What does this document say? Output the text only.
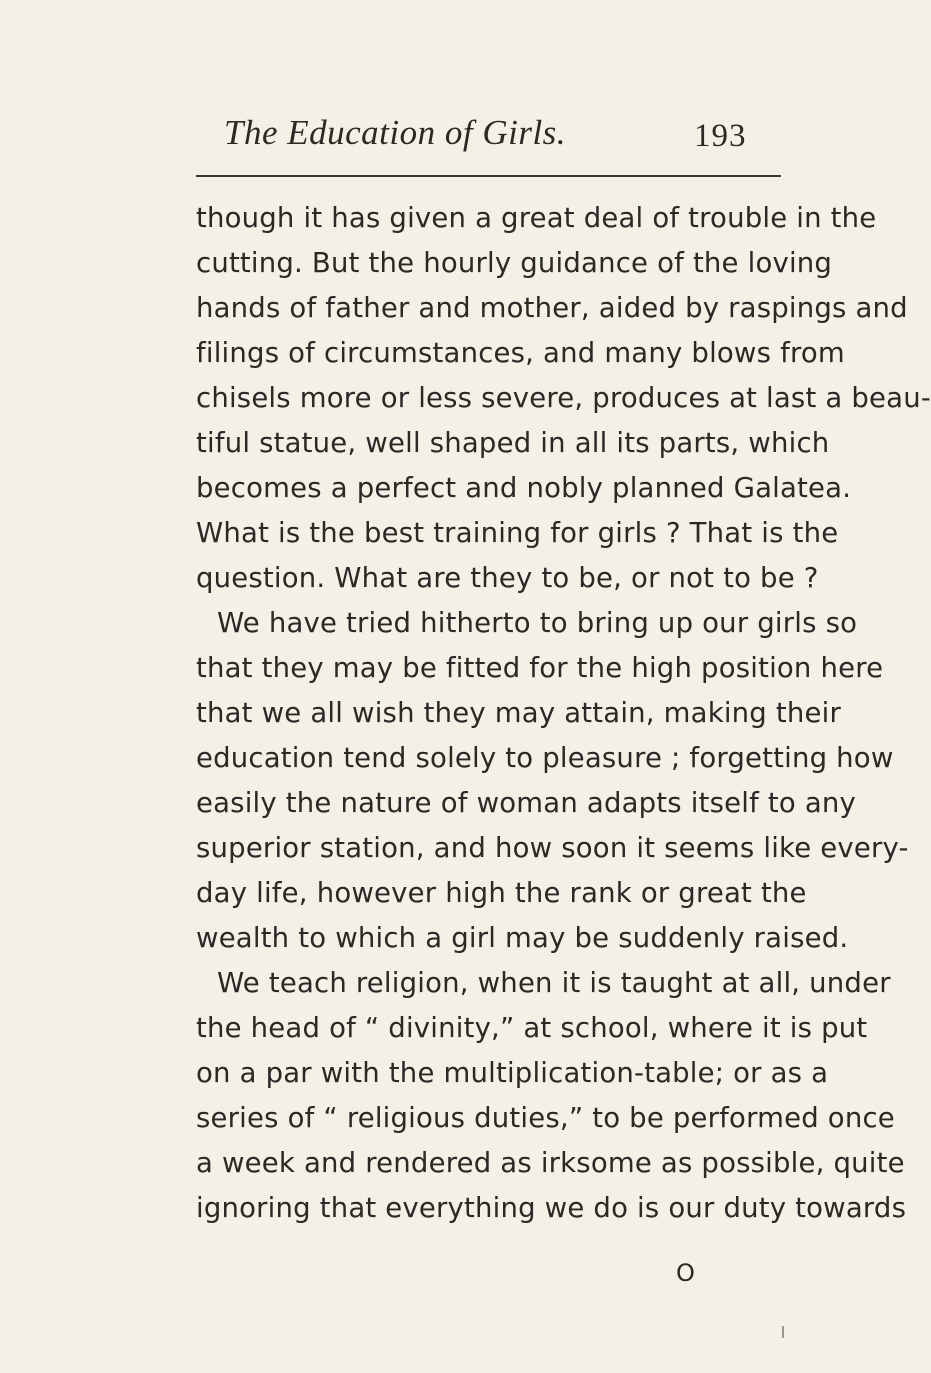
The Education of Girls.	193
though it has given a great deal of trouble in the
cutting. But the hourly guidance of the loving
hands of father and mother, aided by raspings and
filings of circumstances, and many blows from
chisels more or less severe, produces at last a beau-
tiful statue, well shaped in all its parts, which
becomes a perfect and nobly planned Galatea.
What is the best training for girls ? That is the
question. What are they to be, or not to be ?
We have tried hitherto to bring up our girls so
that they may be fitted for the high position here
that we all wish they may attain, making their
education tend solely to pleasure ; forgetting how
easily the nature of woman adapts itself to any
superior station, and how soon it seems like every-
day life, however high the rank or great the
wealth to which a girl may be suddenly raised.
We teach religion, when it is taught at all, under
the head of “ divinity,” at school, where it is put
on a par with the multiplication-table; or as a
series of “ religious duties,” to be performed once
a week and rendered as irksome as possible, quite
ignoring that everything we do is our duty towards
O
